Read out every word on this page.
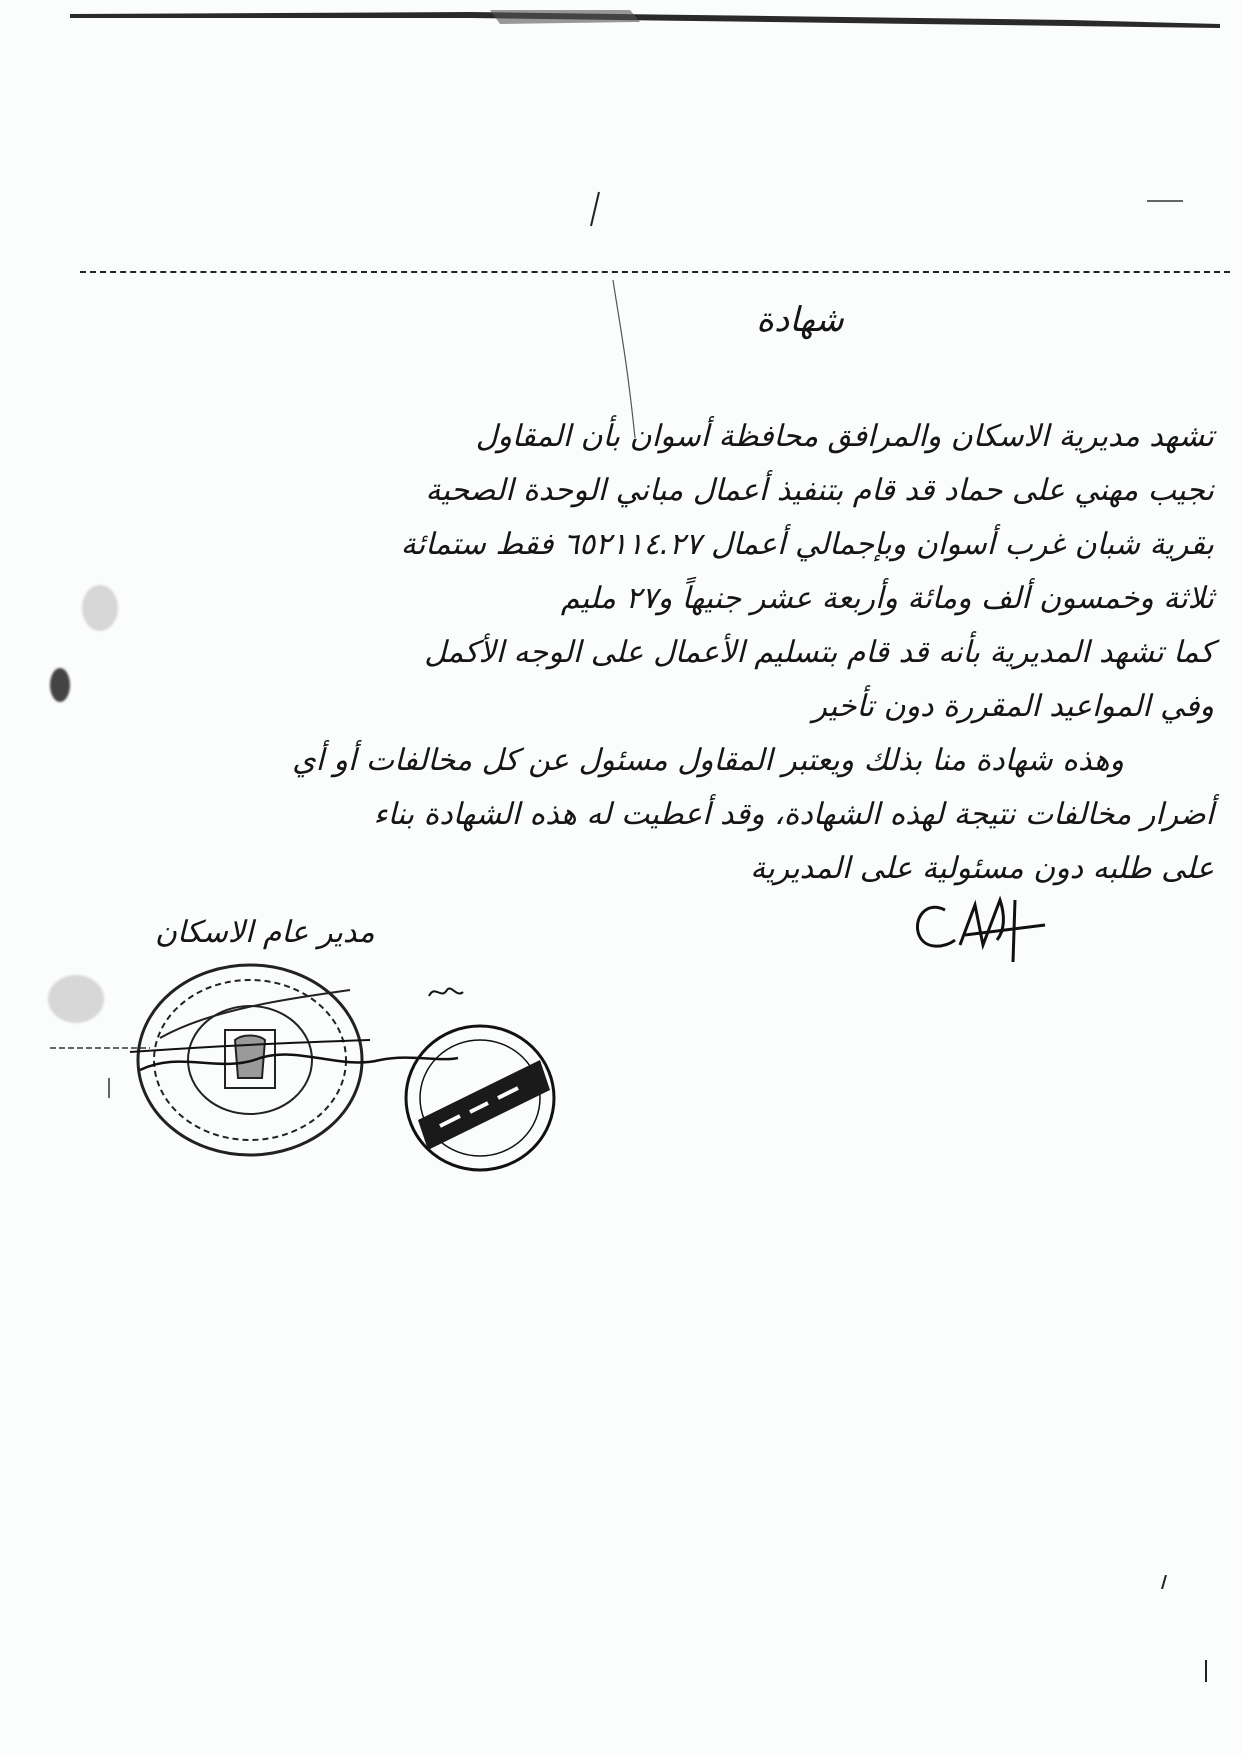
شهادة
تشهد مديرية الاسكان والمرافق محافظة أسوان بأن المقاول
نجيب مهني على حماد قد قام بتنفيذ أعمال مباني الوحدة الصحية
بقرية شبان غرب أسوان وبإجمالي أعمال ٦٥٢١١٤.٢٧ فقط ستمائة
ثلاثة وخمسون ألف ومائة وأربعة عشر جنيهاً و٢٧ مليم
كما تشهد المديرية بأنه قد قام بتسليم الأعمال على الوجه الأكمل
وفي المواعيد المقررة دون تأخير
وهذه شهادة منا بذلك ويعتبر المقاول مسئول عن كل مخالفات أو أي
أضرار مخالفات نتيجة لهذه الشهادة، وقد أعطيت له هذه الشهادة بناء
على طلبه دون مسئولية على المديرية
مدير عام الاسكان
